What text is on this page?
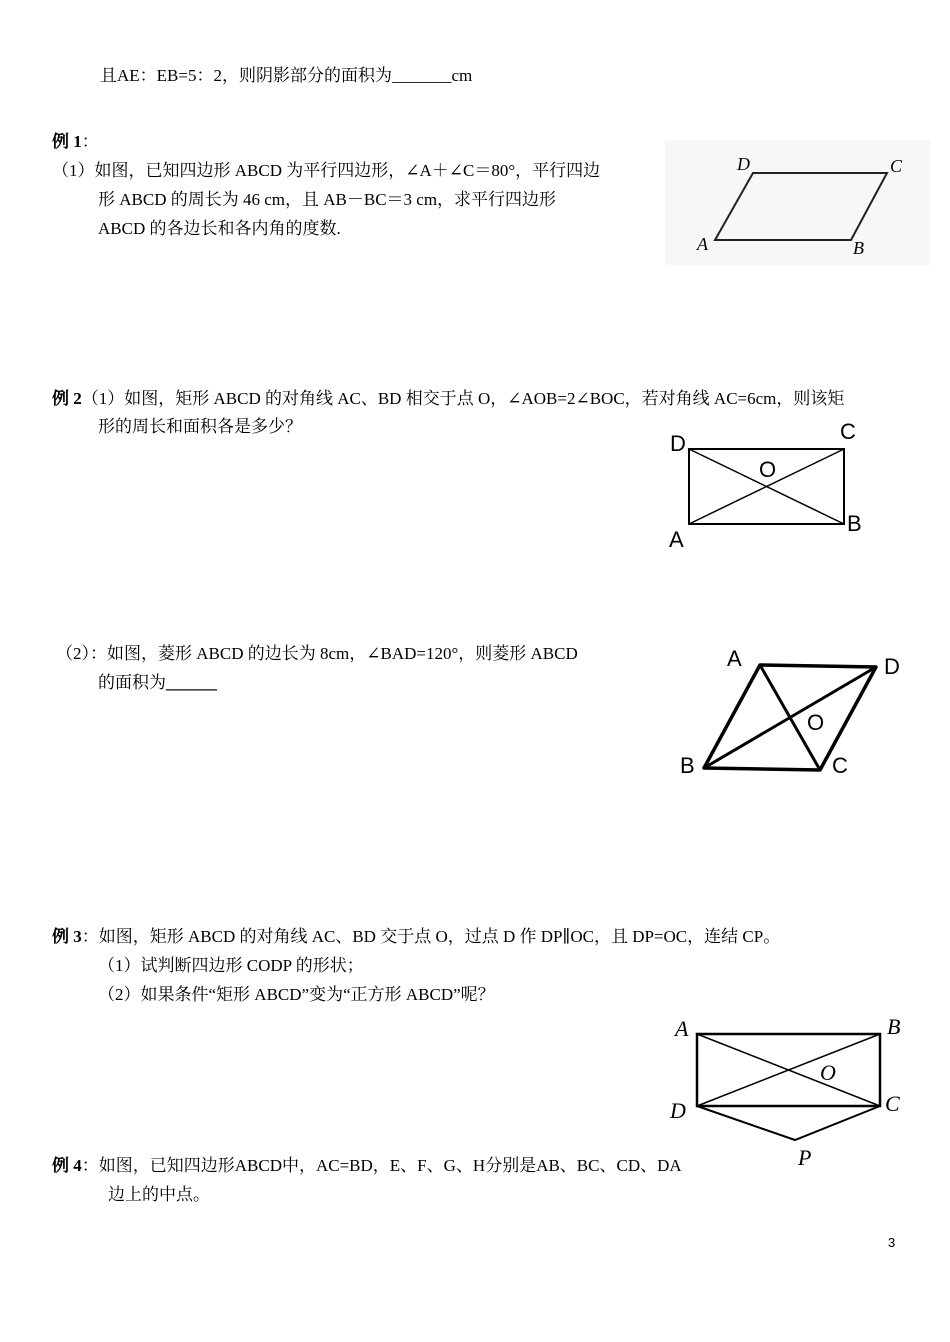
且AE：EB=5：2，则阴影部分的面积为_______cm
例 1：
（1）如图，已知四边形 ABCD 为平行四边形，∠A＋∠C＝80°，平行四边
形 ABCD 的周长为 46 cm，且 AB－BC＝3 cm，求平行四边形
ABCD 的各边长和各内角的度数.
A	B
C
D
例 2（1）如图，矩形 ABCD 的对角线 AC、BD 相交于点 O，∠AOB=2∠BOC，若对角线 AC=6cm，则该矩
形的周长和面积各是多少？
D	C
O
B
A
（2）：如图，菱形 ABCD 的边长为 8cm，∠BAD=120°，则菱形 ABCD
的面积为______
A	D
O
B	C
例 3：如图，矩形 ABCD 的对角线 AC、BD 交于点 O，过点 D 作 DP∥OC，且 DP=OC，连结 CP。
（1）试判断四边形 CODP 的形状；
（2）如果条件“矩形 ABCD”变为“正方形 ABCD”呢？
A	B
O
D	C
P
例 4：如图，已知四边形ABCD中，AC=BD，E、F、G、H分别是AB、BC、CD、DA
边上的中点。
3
